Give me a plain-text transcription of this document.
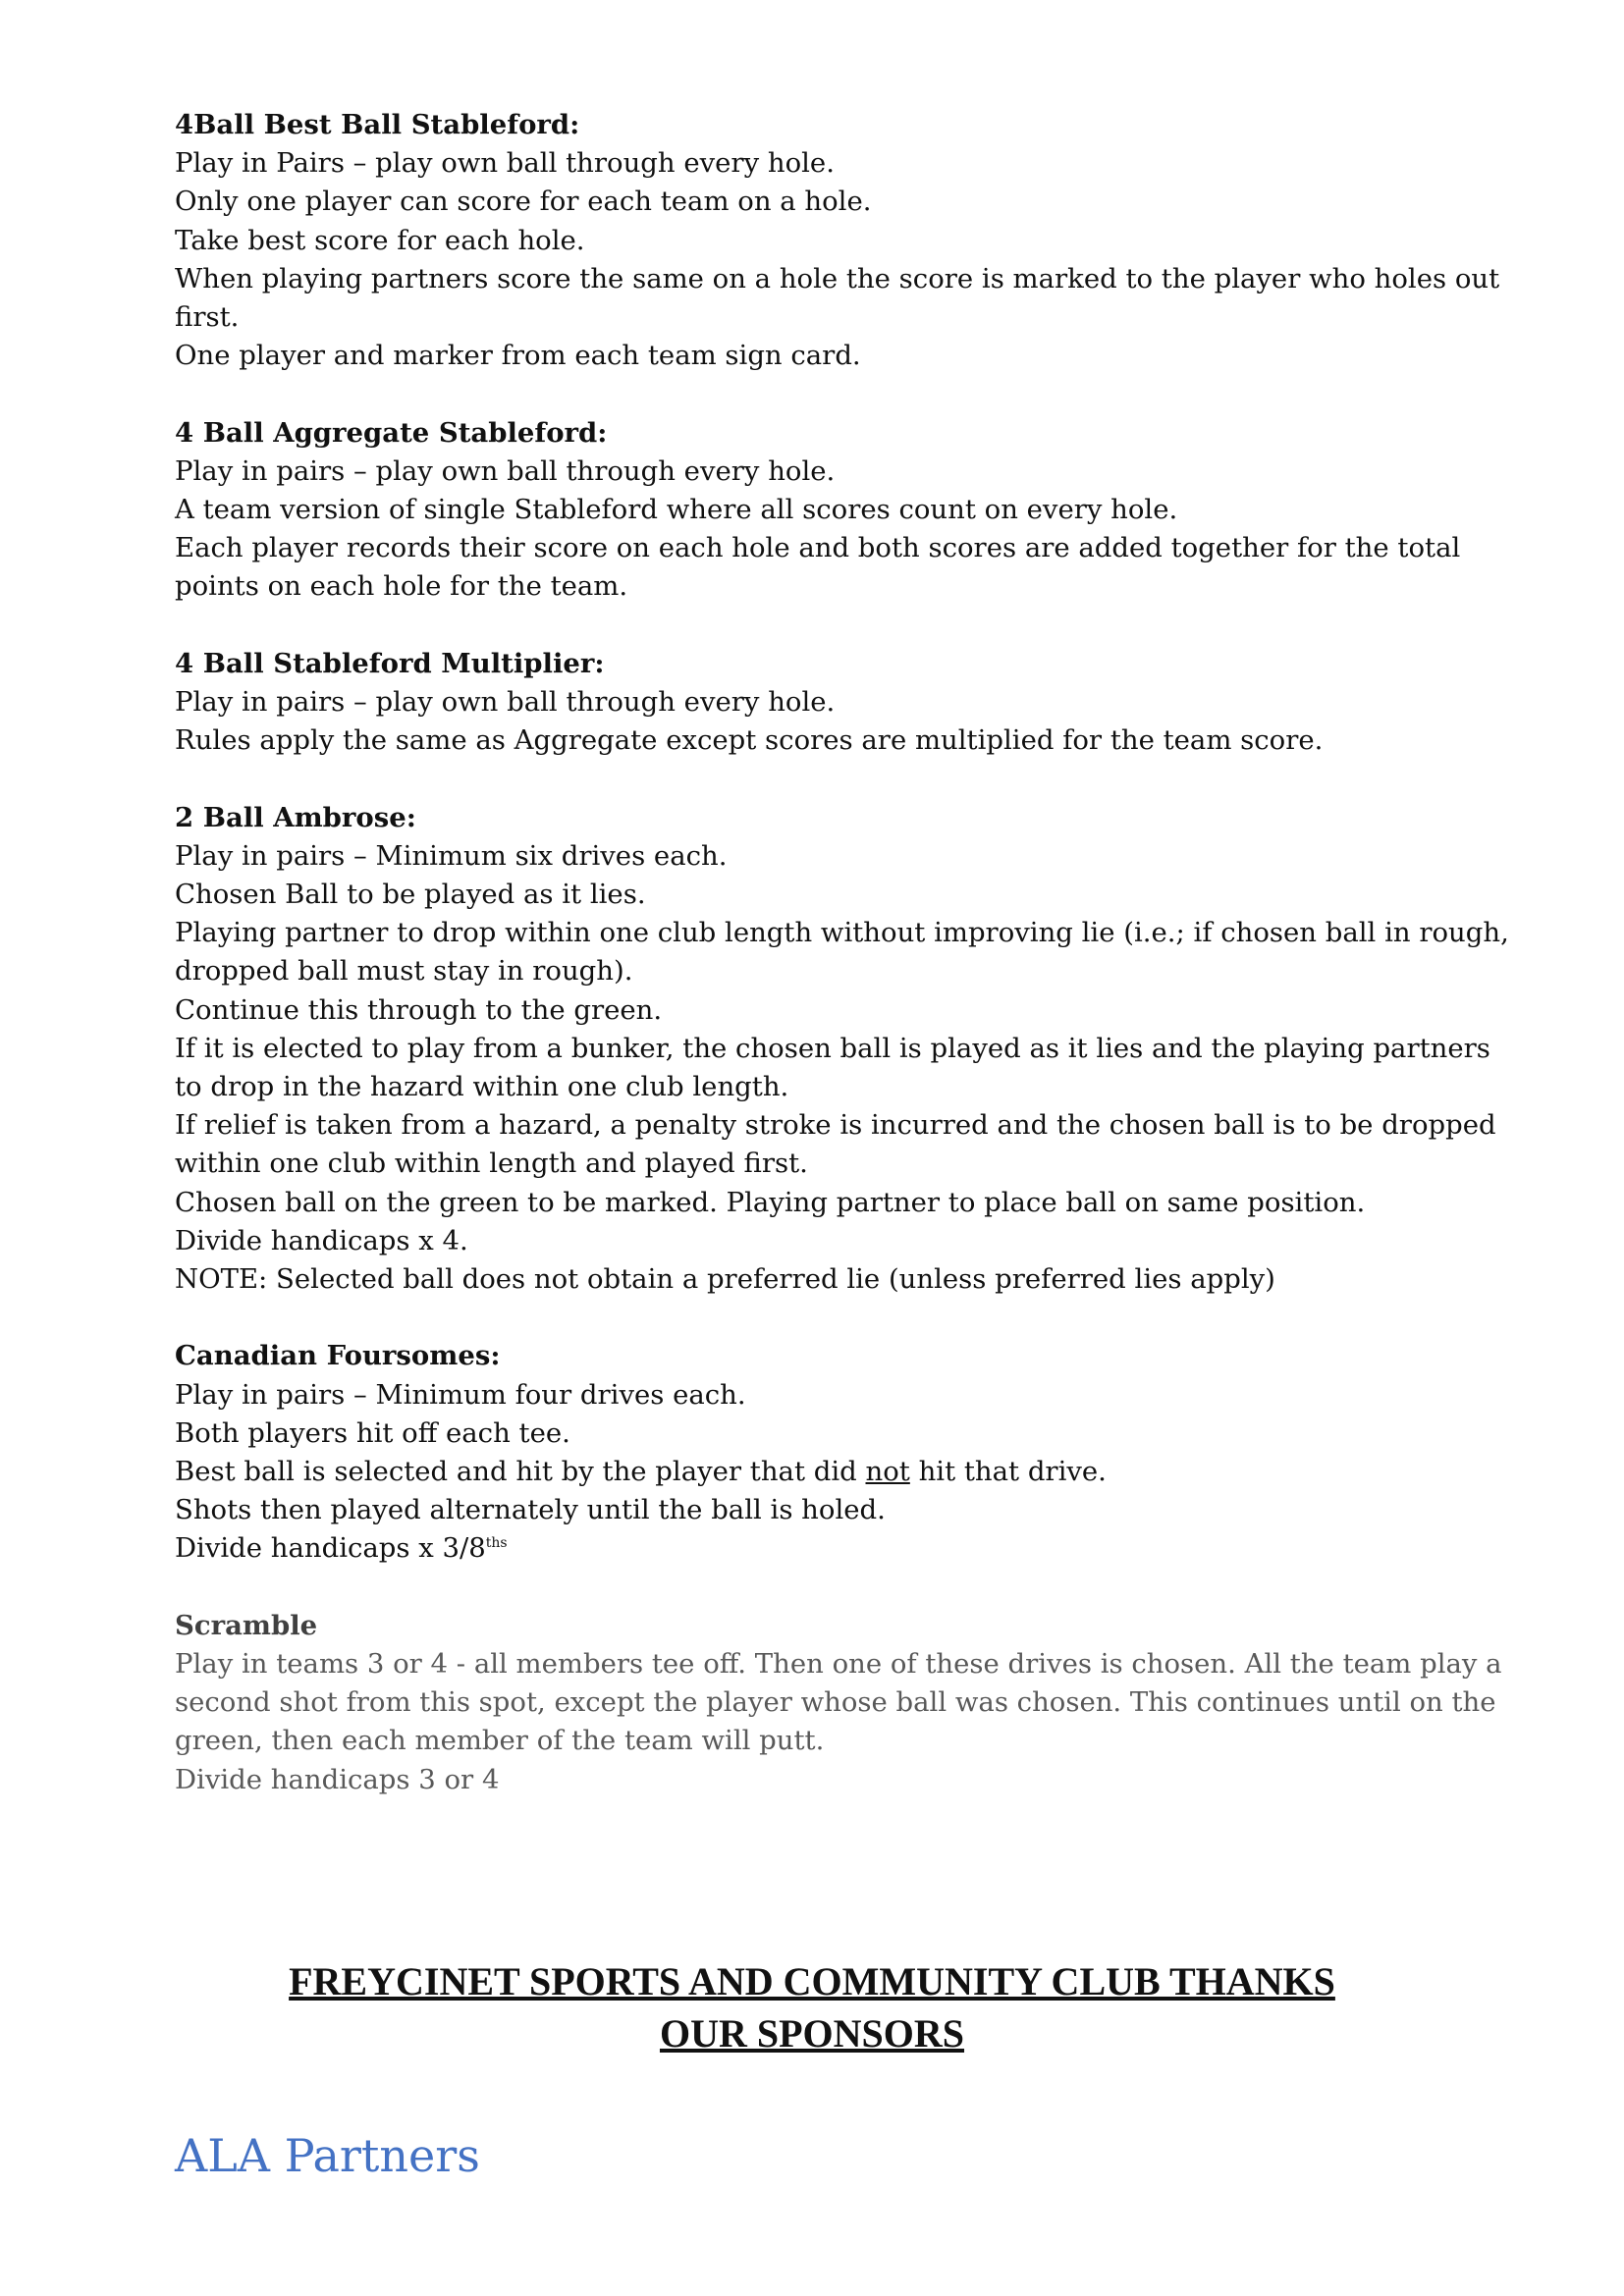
4Ball Best Ball Stableford:
Play in Pairs – play own ball through every hole.
Only one player can score for each team on a hole.
Take best score for each hole.
When playing partners score the same on a hole the score is marked to the player who holes out first.
One player and marker from each team sign card.
4 Ball Aggregate Stableford:
Play in pairs – play own ball through every hole.
A team version of single Stableford where all scores count on every hole.
Each player records their score on each hole and both scores are added together for the total points on each hole for the team.
4 Ball Stableford Multiplier:
Play in pairs – play own ball through every hole.
Rules apply the same as Aggregate except scores are multiplied for the team score.
2 Ball Ambrose:
Play in pairs – Minimum six drives each.
Chosen Ball to be played as it lies.
Playing partner to drop within one club length without improving lie (i.e.; if chosen ball in rough, dropped ball must stay in rough).
Continue this through to the green.
If it is elected to play from a bunker, the chosen ball is played as it lies and the playing partners to drop in the hazard within one club length.
If relief is taken from a hazard, a penalty stroke is incurred and the chosen ball is to be dropped within one club within length and played first.
Chosen ball on the green to be marked. Playing partner to place ball on same position.
Divide handicaps x 4.
NOTE: Selected ball does not obtain a preferred lie (unless preferred lies apply)
Canadian Foursomes:
Play in pairs – Minimum four drives each.
Both players hit off each tee.
Best ball is selected and hit by the player that did not hit that drive.
Shots then played alternately until the ball is holed.
Divide handicaps x $3/8^{ths}$
Scramble
Play in teams 3 or 4 - all members tee off. Then one of these drives is chosen. All the team play a second shot from this spot, except the player whose ball was chosen. This continues until on the green, then each member of the team will putt.
Divide handicaps 3 or 4
FREYCINET SPORTS AND COMMUNITY CLUB THANKS
OUR SPONSORS
ALA Partners
